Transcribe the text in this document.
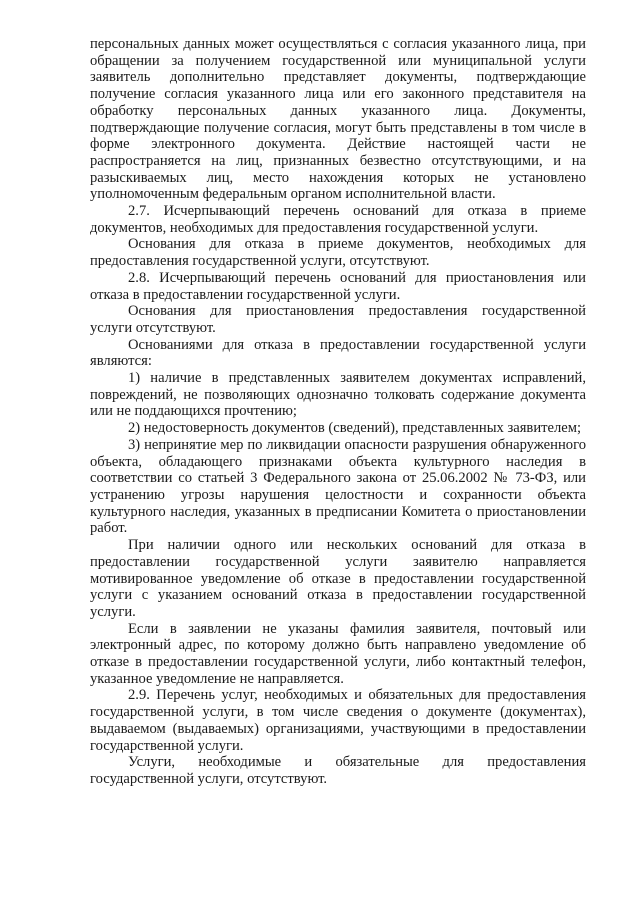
персональных данных может осуществляться с согласия указанного лица, при обращении за получением государственной или муниципальной услуги заявитель дополнительно представляет документы, подтверждающие получение согласия указанного лица или его законного представителя на обработку персональных данных указанного лица. Документы, подтверждающие получение согласия, могут быть представлены в том числе в форме электронного документа. Действие настоящей части не распространяется на лиц, признанных безвестно отсутствующими, и на разыскиваемых лиц, место нахождения которых не установлено уполномоченным федеральным органом исполнительной власти.

2.7. Исчерпывающий перечень оснований для отказа в приеме документов, необходимых для предоставления государственной услуги.

Основания для отказа в приеме документов, необходимых для предоставления государственной услуги, отсутствуют.

2.8. Исчерпывающий перечень оснований для приостановления или отказа в предоставлении государственной услуги.

Основания для приостановления предоставления государственной услуги отсутствуют.

Основаниями для отказа в предоставлении государственной услуги являются:

1) наличие в представленных заявителем документах исправлений, повреждений, не позволяющих однозначно толковать содержание документа или не поддающихся прочтению;

2) недостоверность документов (сведений), представленных заявителем;

3) непринятие мер по ликвидации опасности разрушения обнаруженного объекта, обладающего признаками объекта культурного наследия в соответствии со статьей 3 Федерального закона от 25.06.2002 № 73-ФЗ, или устранению угрозы нарушения целостности и сохранности объекта культурного наследия, указанных в предписании Комитета о приостановлении работ.

При наличии одного или нескольких оснований для отказа в предоставлении государственной услуги заявителю направляется мотивированное уведомление об отказе в предоставлении государственной услуги с указанием оснований отказа в предоставлении государственной услуги.

Если в заявлении не указаны фамилия заявителя, почтовый или электронный адрес, по которому должно быть направлено уведомление об отказе в предоставлении государственной услуги, либо контактный телефон, указанное уведомление не направляется.

2.9. Перечень услуг, необходимых и обязательных для предоставления государственной услуги, в том числе сведения о документе (документах), выдаваемом (выдаваемых) организациями, участвующими в предоставлении государственной услуги.

Услуги, необходимые и обязательные для предоставления государственной услуги, отсутствуют.
